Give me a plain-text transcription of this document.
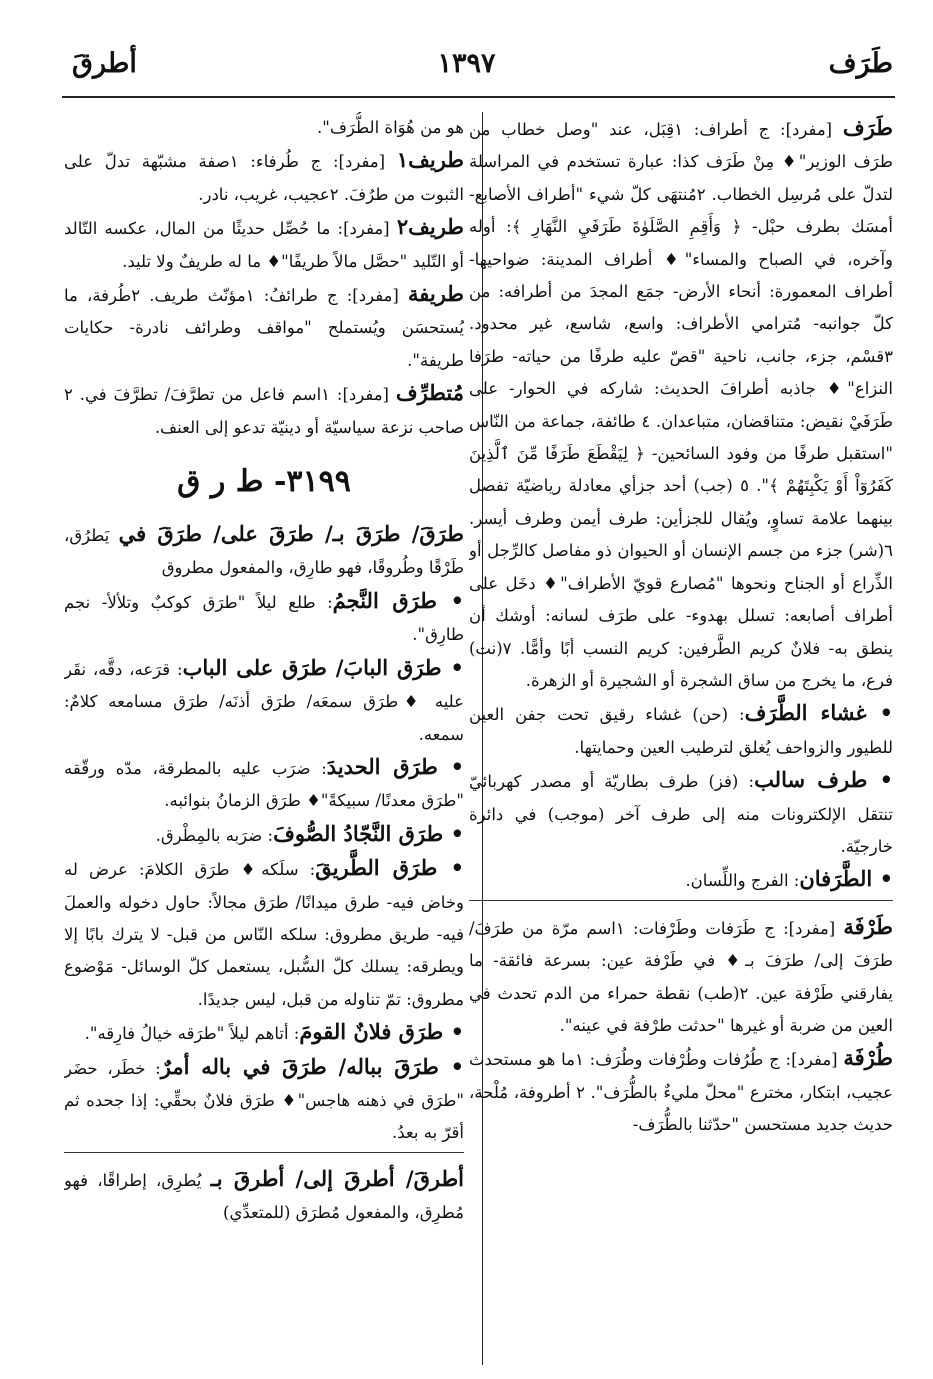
طَرَف
١٣٩٧
أطرقَ

طَرَف [مفرد]: ج أطراف: ١قِبَل، عند "وصل خطاب من طرَف الوزير"♦ مِنْ طَرَف كذا: عبارة تستخدم في المراسلة لتدلّ على مُرسِل الخطاب. ٢مُنتهَى كلّ شيء "أطراف الأصابع- أمسَك بطرف حبْل- ﴿ وَأَقِمِ الصَّلَوٰةَ طَرَفَيِ النَّهَارِ ﴾: أوله وآخره، في الصباح والمساء"♦ أطراف المدينة: ضواحيها- أطراف المعمورة: أنحاء الأرض- جمَع المجدَ من أطرافه: من كلّ جوانبه- مُترامي الأطراف: واسع، شاسع، غير محدود. ٣قسْم، جزء، جانب، ناحية "قصّ عليه طرفًا من حياته- طرَفا النزاع"♦ جاذبه أطرافَ الحديث: شاركه في الحوار- على طَرَفَيْ نقيض: متناقضان، متباعدان. ٤ طائفة، جماعة من النّاس "استقبل طرفًا من وفود السائحين- ﴿ لِيَقْطَعَ طَرَفًا مِّنَ ٱلَّذِينَ كَفَرُوٓاْ أَوْ يَكْبِتَهُمْ ﴾". ٥ (جب) أحد جزأي معادلة رياضيّة تفصل بينهما علامة تساوٍ، ويُقال للجزأين: طرف أيمن وطرف أيسر. ٦(شر) جزء من جسم الإنسان أو الحيوان ذو مفاصل كالرِّجل أو الذِّراع أو الجناح ونحوها "مُصارع قويّ الأطراف"♦ دخَل على أطراف أصابعه: تسلل بهدوء- على طرَف لسانه: أوشك أن ينطق به- فلانٌ كريم الطَّرفين: كريم النسب أبًا وأمًّا. ٧(نت) فرع، ما يخرج من ساق الشجرة أو الشجيرة أو الزهرة.

• غشاء الطَّرَف: (حن) غشاء رقيق تحت جفن العين للطيور والزواحف يُغلق لترطيب العين وحمايتها.

• طرف سالب: (فز) طرف بطاريّة أو مصدر كهربائيّ تنتقل الإلكترونات منه إلى طرف آخر (موجب) في دائرة خارجيّة.

• الطَّرَفان: الفرج واللِّسان.

طَرْفَة [مفرد]: ج طَرَفات وطَرْفات: ١اسم مرّة من طرَفَ/ طرَفَ إلى/ طرَفَ بـ♦ في طَرْفة عين: بسرعة فائقة- ما يفارقني طَرْفة عين. ٢(طب) نقطة حمراء من الدم تحدث في العين من ضربة أو غيرها "حدثت طرْفة في عينه".

طُرْفَة [مفرد]: ج طُرُفات وطُرْفات وطُرَف: ١ما هو مستحدث عجيب، ابتكار، مخترع "محلّ مليءٌ بالطُّرَف". ٢ أطروفة، مُلْحة، حديث جديد مستحسن "حدّثنا بالطُّرَف-

هو من هُوَاة الطُّرَف".

طريف١ [مفرد]: ج طُرفاء: ١صفة مشبّهة تدلّ على الثبوت من طرُفَ. ٢عجيب، غريب، نادر.

طريف٢ [مفرد]: ما حُصِّل حديثًا من المال، عكسه التّالد أو التّليد "حصَّل مالاً طريفًا"♦ ما له طريفٌ ولا تليد.

طريفة [مفرد]: ج طرائفُ: ١مؤنّث طريف. ٢طُرفة، ما يُستحسَن ويُستملح "مواقف وطرائف نادرة- حكايات طريفة".

مُتطرِّف [مفرد]: ١اسم فاعل من تطرَّفَ/ تطرَّفَ في. ٢ صاحب نزعة سياسيّة أو دينيّة تدعو إلى العنف.

٣١٩٩- ط ر ق

طرَقَ/ طرَقَ بـ/ طرَقَ على/ طرَقَ في يَطرُق، طَرْقًا وطُروقًا، فهو طارِق، والمفعول مطروق

• طرَق النَّجمُ: طلع ليلاً "طرَق كوكبٌ وتلألأ- نجم طارِق".

• طرَق البابَ/ طرَق على الباب: قرَعه، دقَّه، نقَر عليه ♦طرَق سمعَه/ طرَق أذنَه/ طرَق مسامعه كلامٌ: سمعه.

• طرَق الحديدَ: ضرَب عليه بالمطرقة، مدّه ورقّقه "طرَق معدنًا/ سبيكةً"♦ طرَق الزمانُ بنوائبه.

• طرَق النَّجّادُ الصُّوفَ: ضرَبه بالمِطْرق.

• طرَق الطَّريقَ: سلَكه♦ طرَق الكلامَ: عرض له وخاض فيه- طرق ميدانًا/ طرَق مجالاً: حاول دخوله والعملَ فيه- طريق مطروق: سلكه النّاس من قبل- لا يترك بابًا إلا ويطرقه: يسلك كلّ السُّبل، يستعمل كلّ الوسائل- مَوْضوع مطروق: تمّ تناوله من قبل، ليس جديدًا.

• طرَق فلانٌ القومَ: أتاهم ليلاً "طرَقه خيالُ فارِقه".

• طرَقَ بباله/ طرَقَ في باله أمرٌ: خطَر، حضَر "طرَق في ذهنه هاجس"♦ طرَق فلانٌ بحقِّي: إذا جحده ثم أقرّ به بعدُ.

أطرقَ/ أطرقَ إلى/ أطرقَ بـ يُطرِق، إطراقًا، فهو مُطرِق، والمفعول مُطرَق (للمتعدِّي)
